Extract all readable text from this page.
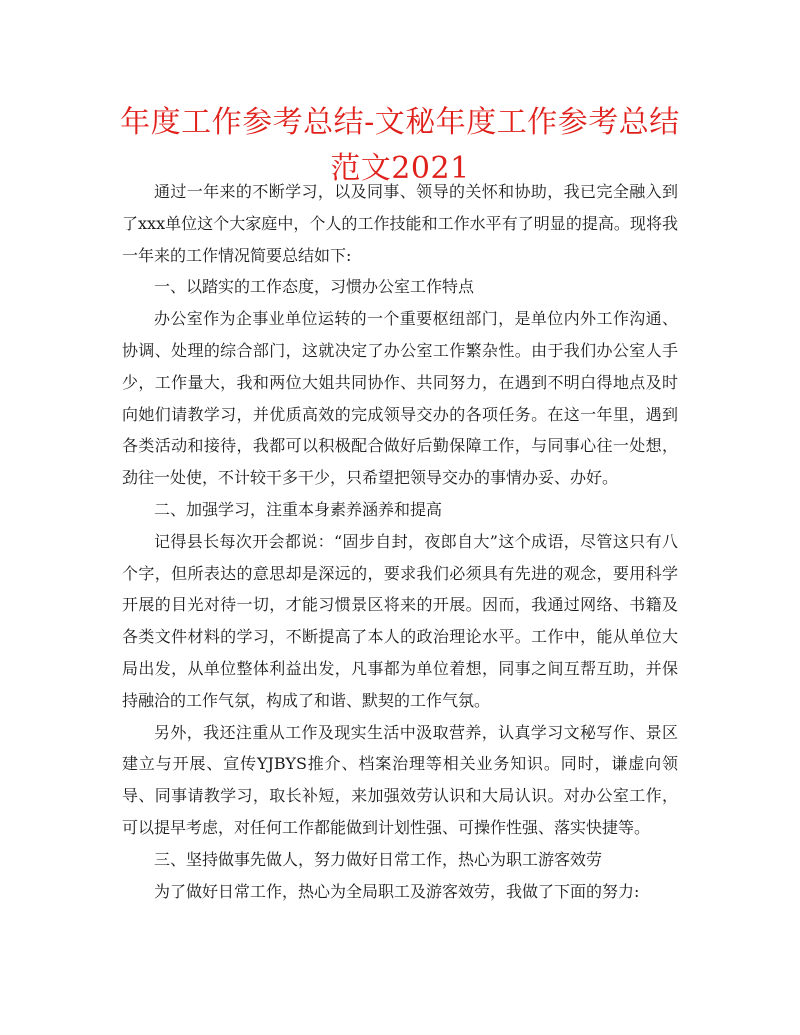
年度工作参考总结-文秘年度工作参考总结范文2021

通过一年来的不断学习，以及同事、领导的关怀和协助，我已完全融入到了xxx单位这个大家庭中，个人的工作技能和工作水平有了明显的提高。现将我一年来的工作情况简要总结如下:

一、以踏实的工作态度，习惯办公室工作特点

办公室作为企事业单位运转的一个重要枢纽部门，是单位内外工作沟通、协调、处理的综合部门，这就决定了办公室工作繁杂性。由于我们办公室人手少，工作量大，我和两位大姐共同协作、共同努力，在遇到不明白得地点及时向她们请教学习，并优质高效的完成领导交办的各项任务。在这一年里，遇到各类活动和接待，我都可以积极配合做好后勤保障工作，与同事心往一处想，劲往一处使，不计较干多干少，只希望把领导交办的事情办妥、办好。

二、加强学习，注重本身素养涵养和提高

记得县长每次开会都说：“固步自封，夜郎自大”这个成语，尽管这只有八个字，但所表达的意思却是深远的，要求我们必须具有先进的观念，要用科学开展的目光对待一切，才能习惯景区将来的开展。因而，我通过网络、书籍及各类文件材料的学习，不断提高了本人的政治理论水平。工作中，能从单位大局出发，从单位整体利益出发，凡事都为单位着想，同事之间互帮互助，并保持融洽的工作气氛，构成了和谐、默契的工作气氛。

另外，我还注重从工作及现实生活中汲取营养，认真学习文秘写作、景区建立与开展、宣传YJBYS推介、档案治理等相关业务知识。同时，谦虚向领导、同事请教学习，取长补短，来加强效劳认识和大局认识。对办公室工作，可以提早考虑，对任何工作都能做到计划性强、可操作性强、落实快捷等。

三、坚持做事先做人，努力做好日常工作，热心为职工游客效劳

为了做好日常工作，热心为全局职工及游客效劳，我做了下面的努力:
